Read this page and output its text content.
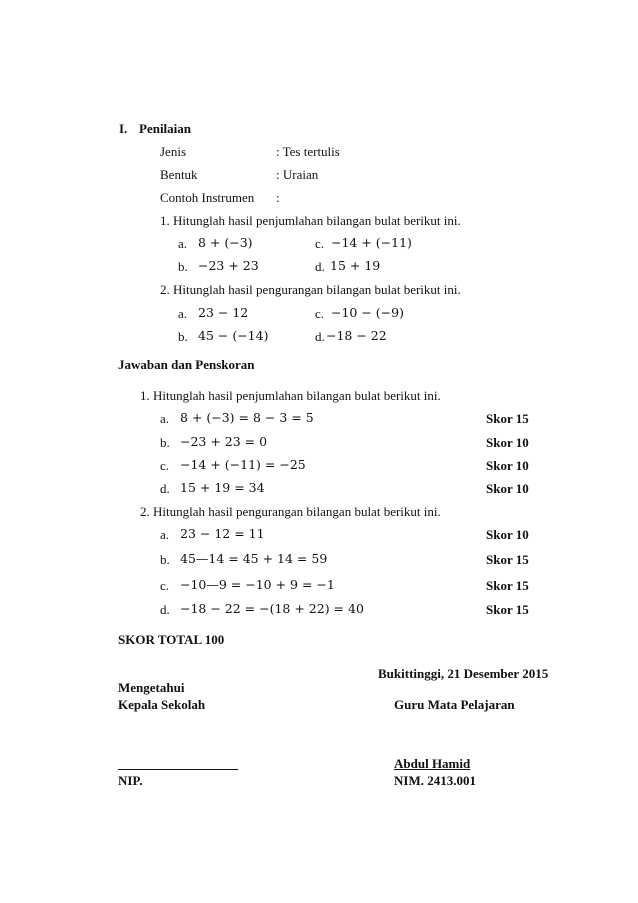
I. Penilaian
Jenis	: Tes tertulis
Bentuk	: Uraian
Contoh Instrumen :
1. Hitunglah hasil penjumlahan bilangan bulat berikut ini.
a. 8 + (−3)	c. −14 + (−11)
b. −23 + 23	d. 15 + 19
2. Hitunglah hasil pengurangan bilangan bulat berikut ini.
a. 23 − 12	c. −10 − (−9)
b. 45 − (−14)	d. −18 − 22
Jawaban dan Penskoran
1. Hitunglah hasil penjumlahan bilangan bulat berikut ini.
a. 8 + (−3) = 8 − 3 = 5	Skor 15
b. −23 + 23 = 0	Skor 10
c. −14 + (−11) = −25	Skor 10
d. 15 + 19 = 34	Skor 10
2. Hitunglah hasil pengurangan bilangan bulat berikut ini.
a. 23 − 12 = 11	Skor 10
b. 45—14 = 45 + 14 = 59	Skor 15
c. −10—9 = −10 + 9 = −1	Skor 15
d. −18 − 22 = −(18 + 22) = 40	Skor 15
SKOR TOTAL 100
Bukittinggi, 21 Desember 2015
Mengetahui
Kepala Sekolah	Guru Mata Pelajaran
Abdul Hamid
NIP.	NIM. 2413.001
